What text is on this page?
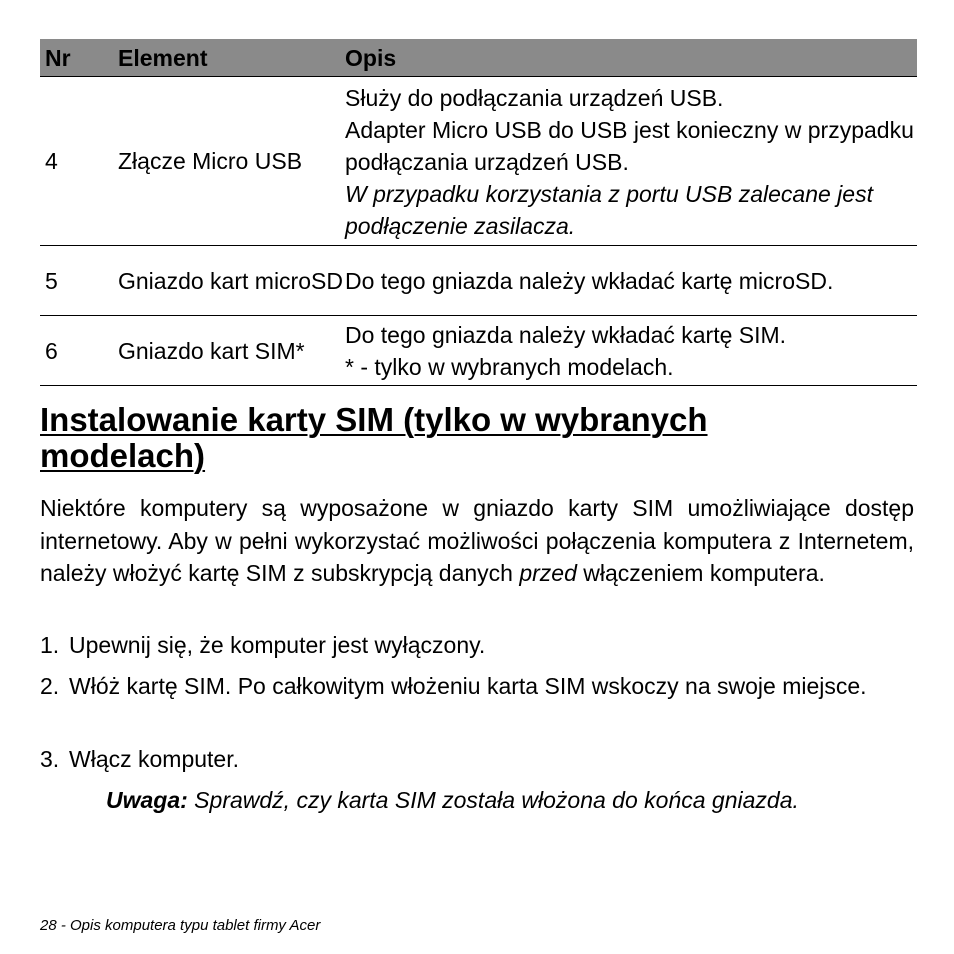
Nr	Element	Opis
4	Złącze Micro USB	Służy do podłączania urządzeń USB.
Adapter Micro USB do USB jest konieczny w przypadku podłączania urządzeń USB.
W przypadku korzystania z portu USB zalecane jest podłączenie zasilacza.

5	Gniazdo kart microSD	Do tego gniazda należy wkładać kartę microSD.

6	Gniazdo kart SIM*	Do tego gniazda należy wkładać kartę SIM.
* - tylko w wybranych modelach.
Instalowanie karty SIM (tylko w wybranych modelach)

Niektóre komputery są wyposażone w gniazdo karty SIM umożliwiające dostęp internetowy. Aby w pełni wykorzystać możliwości połączenia komputera z Internetem, należy włożyć kartę SIM z subskrypcją danych przed włączeniem komputera.

1. Upewnij się, że komputer jest wyłączony.
2. Włóż kartę SIM. Po całkowitym włożeniu karta SIM wskoczy na swoje miejsce.
3. Włącz komputer.
Uwaga: Sprawdź, czy karta SIM została włożona do końca gniazda.
28 - Opis komputera typu tablet firmy Acer
